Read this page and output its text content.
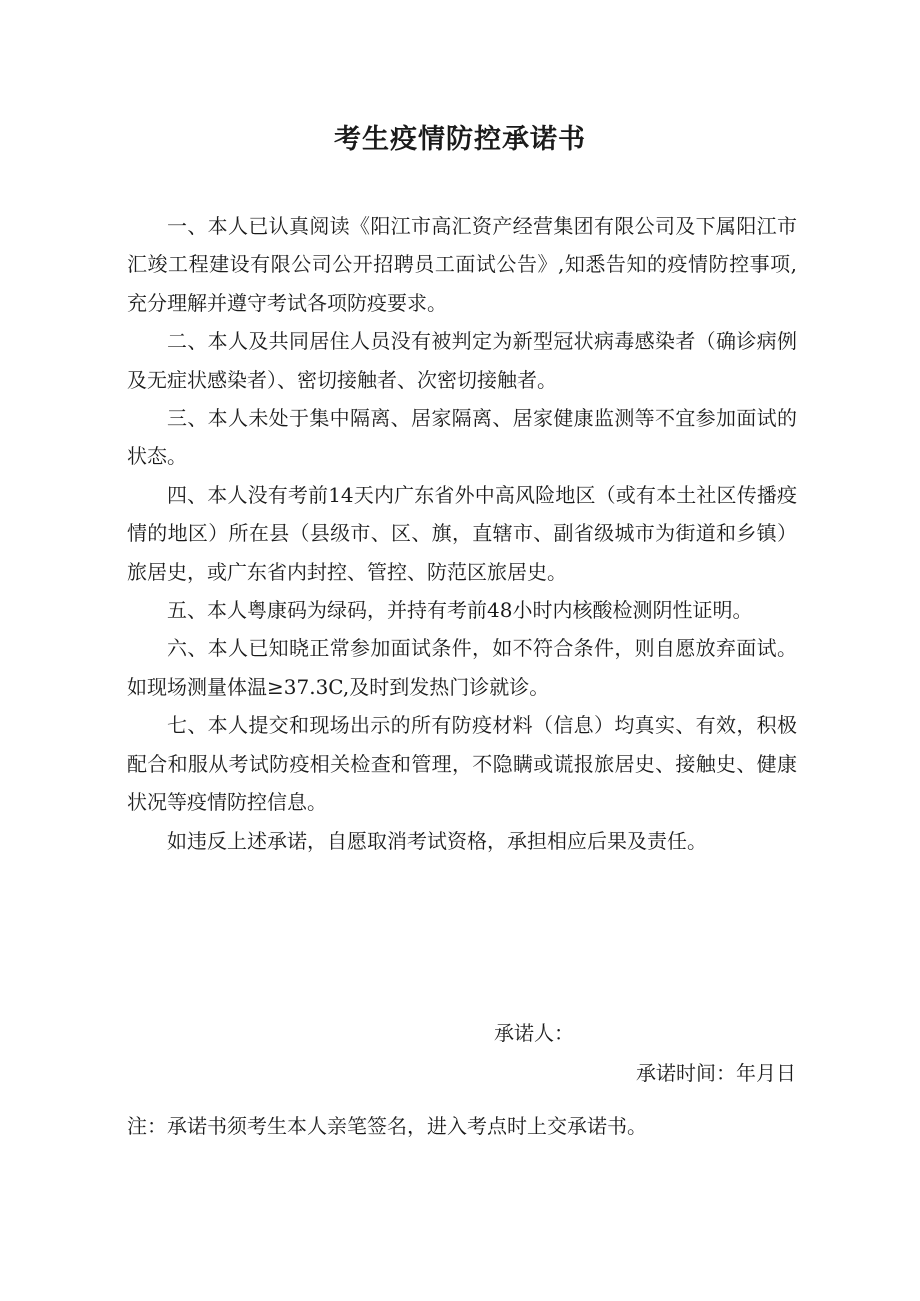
考生疫情防控承诺书

一、本人已认真阅读《阳江市高汇资产经营集团有限公司及下属阳江市汇竣工程建设有限公司公开招聘员工面试公告》,知悉告知的疫情防控事项,充分理解并遵守考试各项防疫要求。

二、本人及共同居住人员没有被判定为新型冠状病毒感染者（确诊病例及无症状感染者）、密切接触者、次密切接触者。

三、本人未处于集中隔离、居家隔离、居家健康监测等不宜参加面试的状态。

四、本人没有考前14天内广东省外中高风险地区（或有本土社区传播疫情的地区）所在县（县级市、区、旗，直辖市、副省级城市为街道和乡镇）旅居史，或广东省内封控、管控、防范区旅居史。

五、本人粤康码为绿码，并持有考前48小时内核酸检测阴性证明。

六、本人已知晓正常参加面试条件，如不符合条件，则自愿放弃面试。如现场测量体温≥37.3C,及时到发热门诊就诊。

七、本人提交和现场出示的所有防疫材料（信息）均真实、有效，积极配合和服从考试防疫相关检查和管理，不隐瞒或谎报旅居史、接触史、健康状况等疫情防控信息。

如违反上述承诺，自愿取消考试资格，承担相应后果及责任。

承诺人：
承诺时间：年月日
注：承诺书须考生本人亲笔签名，进入考点时上交承诺书。
